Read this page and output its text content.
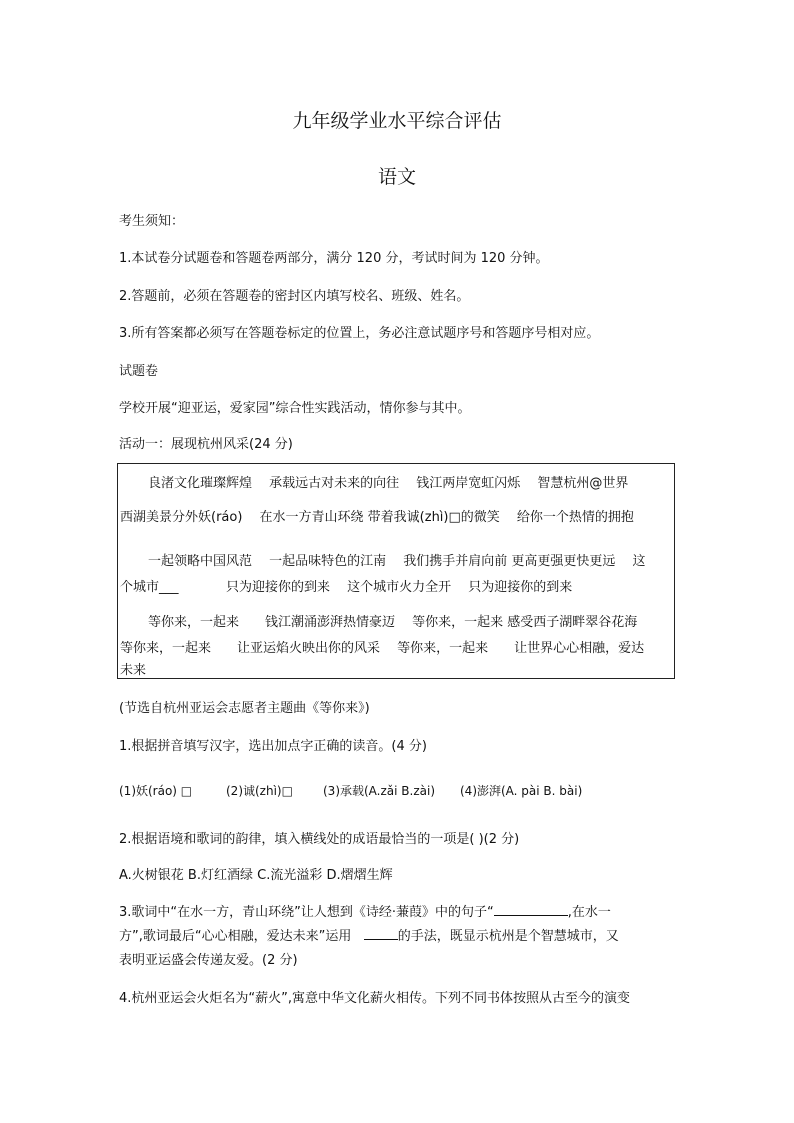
九年级学业水平综合评估
语文
考生须知：
1.本试卷分试题卷和答题卷两部分，满分 120 分，考试时间为 120 分钟。
2.答题前，必须在答题卷的密封区内填写校名、班级、姓名。
3.所有答案都必须写在答题卷标定的位置上，务必注意试题序号和答题序号相对应。
试题卷
学校开展“迎亚运，爱家园”综合性实践活动，情你参与其中。
活动一：展现杭州风采(24 分)
良渚文化璀璨辉煌　 承载远古对未来的向往　 钱江两岸宽虹闪烁　 智慧杭州@世界
西湖美景分外妖(ráo)　 在水一方青山环绕 带着我诚(zhì)□的微笑　 给你一个热情的拥抱
一起领略中国风范　 一起品味特色的江南　 我们携手并肩向前 更高更强更快更远　 这
个城市___	只为迎接你的到来　 这个城市火力全开　 只为迎接你的到来
等你来，一起来　　钱江潮涌澎湃热情豪迈　 等你来，一起来 感受西子湖畔翠谷花海
等你来，一起来　　让亚运焰火映出你的风采　 等你来，一起来　　让世界心心相融，爱达
未来
(节选自杭州亚运会志愿者主题曲《等你来》)
1.根据拼音填写汉字，选出加点字正确的读音。(4 分)
(1)妖(ráo) □	(2)诚(zhì)□	(3)承载(A.zǎi B.zài) (4)澎湃(A. pài B. bài)
2.根据语境和歌词的韵律，填入横线处的成语最恰当的一项是( )(2 分)
A.火树银花 B.灯红酒绿 C.流光溢彩 D.熠熠生辉
3.歌词中“在水一方，青山环绕”让人想到《诗经·蒹葭》中的句子“	,在水一
方”,歌词最后“心心相融，爱达未来”运用	的手法，既显示杭州是个智慧城市，又
表明亚运盛会传递友爱。(2 分)
4.杭州亚运会火炬名为“薪火”,寓意中华文化薪火相传。下列不同书体按照从古至今的演变
